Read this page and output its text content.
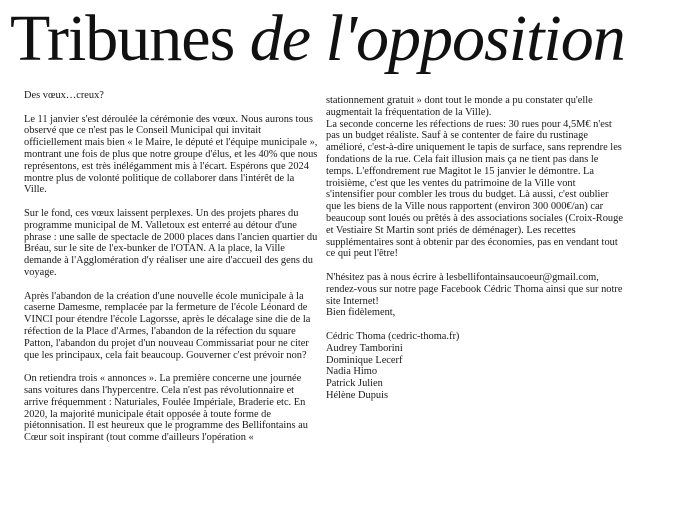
Tribunes de l'opposition

Des vœux…creux?

Le 11 janvier s'est déroulée la cérémonie des vœux. Nous aurons tous observé que ce n'est pas le Conseil Municipal qui invitait officiellement mais bien « le Maire, le député et l'équipe municipale », montrant une fois de plus que notre groupe d'élus, et les 40% que nous représentons, est très inélégamment mis à l'écart. Espérons que 2024 montre plus de volonté politique de collaborer dans l'intérêt de la Ville.

Sur le fond, ces vœux laissent perplexes. Un des projets phares du programme municipal de M. Valletoux est enterré au détour d'une phrase : une salle de spectacle de 2000 places dans l'ancien quartier du Bréau, sur le site de l'ex-bunker de l'OTAN. A la place, la Ville demande à l'Agglomération d'y réaliser une aire d'accueil des gens du voyage.

Après l'abandon de la création d'une nouvelle école municipale à la caserne Damesme, remplacée par la fermeture de l'école Léonard de VINCI pour étendre l'école Lagorsse, après le décalage sine die de la réfection de la Place d'Armes, l'abandon de la réfection du square Patton, l'abandon du projet d'un nouveau Commissariat pour ne citer que les principaux, cela fait beaucoup. Gouverner c'est prévoir non?

On retiendra trois « annonces ». La première concerne une journée sans voitures dans l'hypercentre. Cela n'est pas révolutionnaire et arrive fréquemment : Naturiales, Foulée Impériale, Braderie etc. En 2020, la majorité municipale était opposée à toute forme de piétonnisation. Il est heureux que le programme des Bellifontains au Cœur soit inspirant (tout comme d'ailleurs l'opération «

stationnement gratuit » dont tout le monde a pu constater qu'elle augmentait la fréquentation de la Ville).
La seconde concerne les réfections de rues: 30 rues pour 4,5M€ n'est pas un budget réaliste. Sauf à se contenter de faire du rustinage amélioré, c'est-à-dire uniquement le tapis de surface, sans reprendre les fondations de la rue. Cela fait illusion mais ça ne tient pas dans le temps. L'effondrement rue Magitot le 15 janvier le démontre. La troisième, c'est que les ventes du patrimoine de la Ville vont s'intensifier pour combler les trous du budget. Là aussi, c'est oublier que les biens de la Ville nous rapportent (environ 300 000€/an) car beaucoup sont loués ou prêtés à des associations sociales (Croix-Rouge et Vestiaire St Martin sont priés de déménager). Les recettes supplémentaires sont à obtenir par des économies, pas en vendant tout ce qui peut l'être!

N'hésitez pas à nous écrire à lesbellifontainsaucoeur@gmail.com, rendez-vous sur notre page Facebook Cédric Thoma ainsi que sur notre site Internet!
Bien fidèlement,

Cédric Thoma (cedric-thoma.fr)
Audrey Tamborini
Dominique Lecerf
Nadia Himo
Patrick Julien
Hélène Dupuis
